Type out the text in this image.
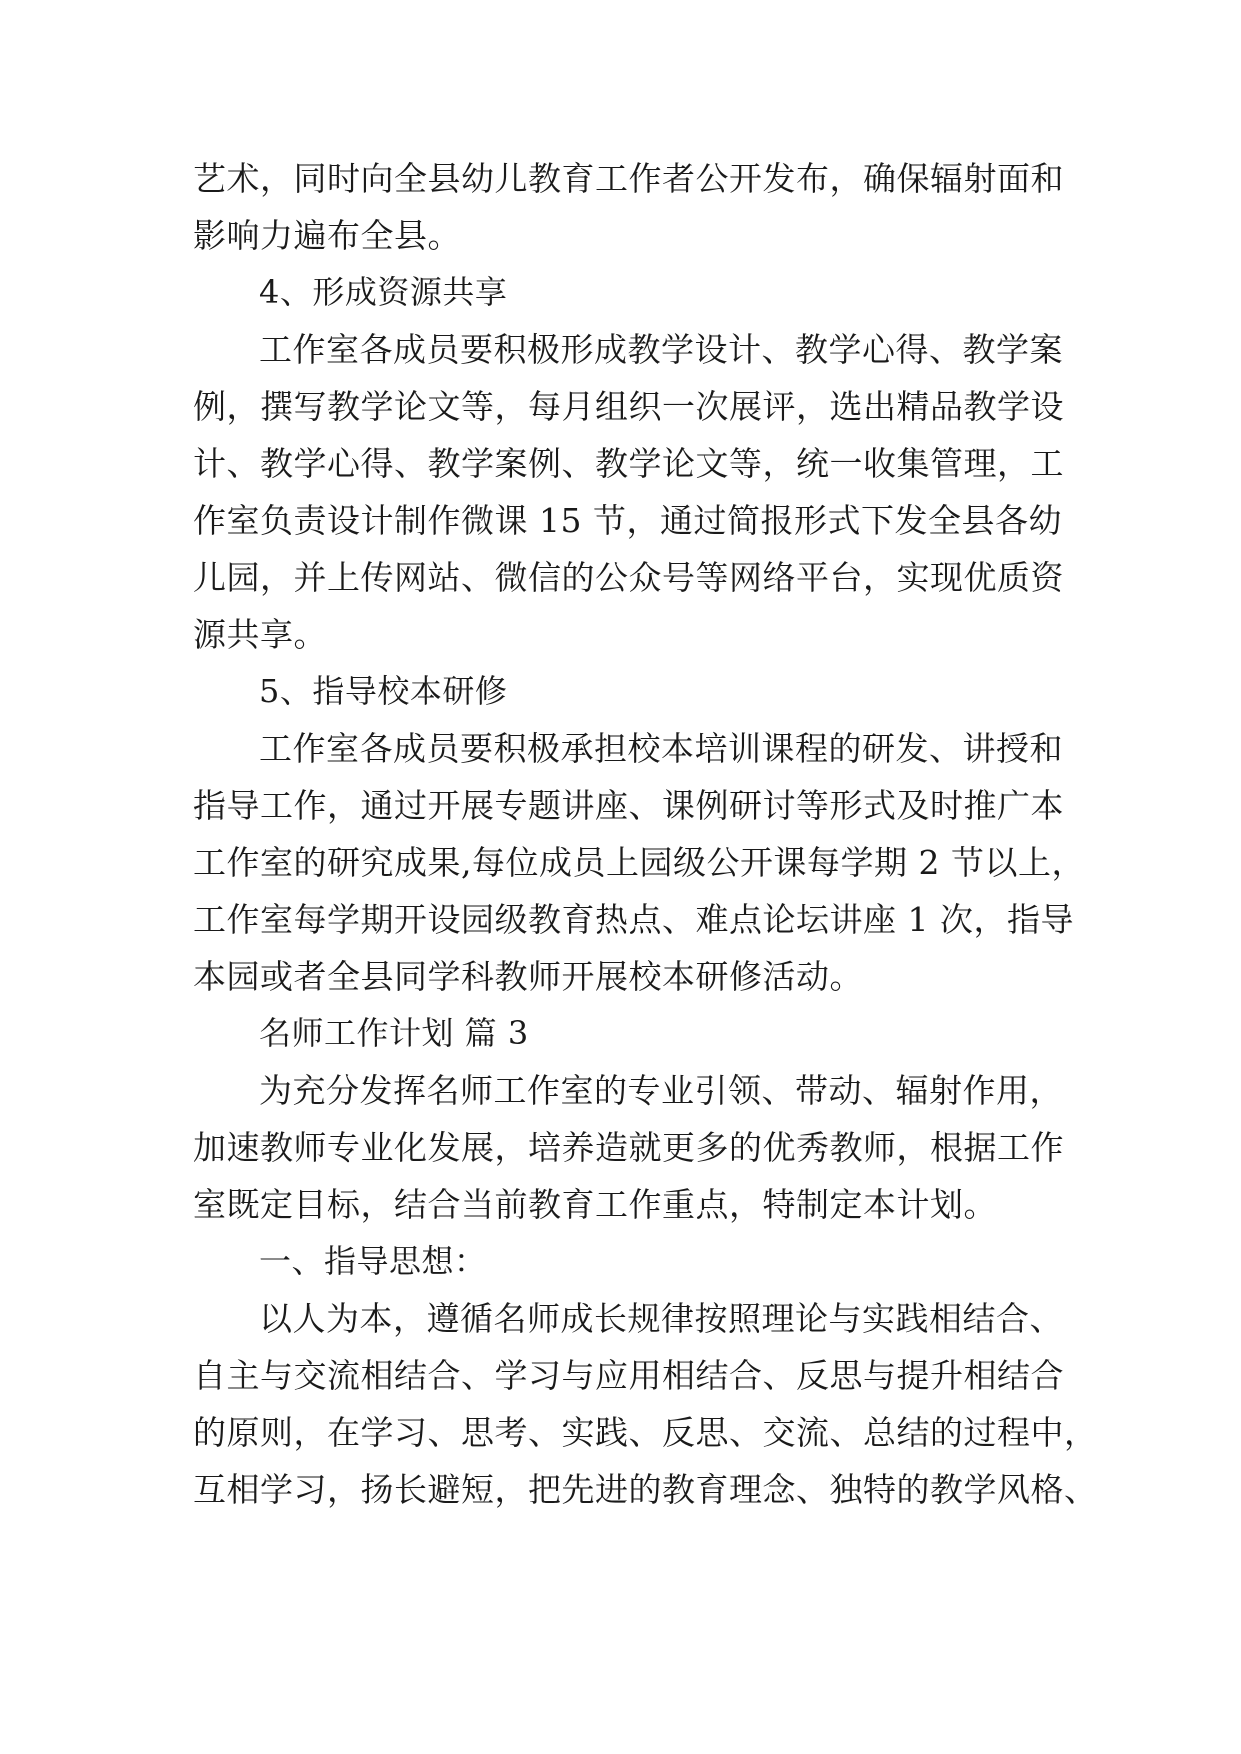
艺术，同时向全县幼儿教育工作者公开发布，确保辐射面和
影响力遍布全县。
4、形成资源共享
工作室各成员要积极形成教学设计、教学心得、教学案
例，撰写教学论文等，每月组织一次展评，选出精品教学设
计、教学心得、教学案例、教学论文等，统一收集管理，工
作室负责设计制作微课 15 节，通过简报形式下发全县各幼
儿园，并上传网站、微信的公众号等网络平台，实现优质资
源共享。
5、指导校本研修
工作室各成员要积极承担校本培训课程的研发、讲授和
指导工作，通过开展专题讲座、课例研讨等形式及时推广本
工作室的研究成果,每位成员上园级公开课每学期 2 节以上，
工作室每学期开设园级教育热点、难点论坛讲座 1 次，指导
本园或者全县同学科教师开展校本研修活动。
名师工作计划 篇 3
为充分发挥名师工作室的专业引领、带动、辐射作用，
加速教师专业化发展，培养造就更多的优秀教师，根据工作
室既定目标，结合当前教育工作重点，特制定本计划。
一、指导思想：
以人为本，遵循名师成长规律按照理论与实践相结合、
自主与交流相结合、学习与应用相结合、反思与提升相结合
的原则，在学习、思考、实践、反思、交流、总结的过程中，
互相学习，扬长避短，把先进的教育理念、独特的教学风格、
